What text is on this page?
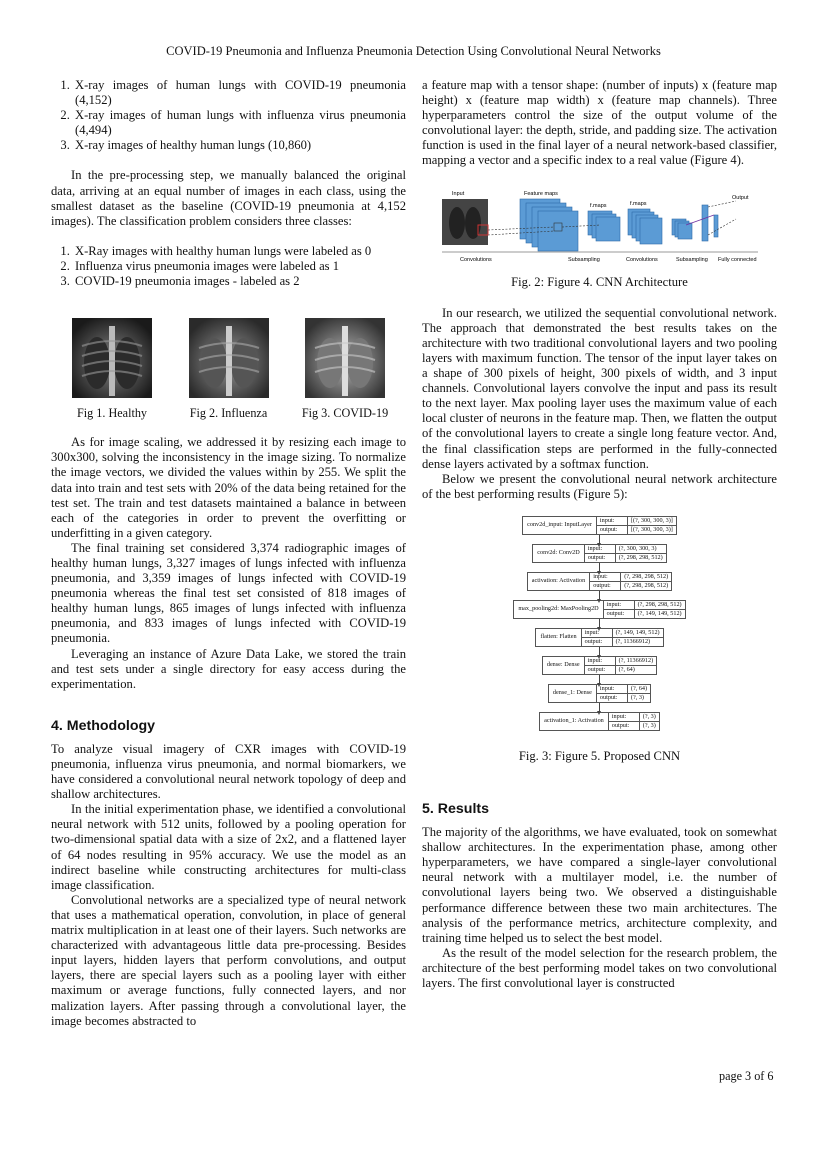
COVID-19 Pneumonia and Influenza Pneumonia Detection Using Convolutional Neural Networks
1. X-ray images of human lungs with COVID-19 pneumonia (4,152)
2. X-ray images of human lungs with influenza virus pneumonia (4,494)
3. X-ray images of healthy human lungs (10,860)

In the pre-processing step, we manually balanced the original data, arriving at an equal number of images in each class, using the smallest dataset as the baseline (COVID-19 pneumonia at 4,152 images). The classification problem considers three classes:

1. X-Ray images with healthy human lungs were labeled as 0
2. Influenza virus pneumonia images were labeled as 1
3. COVID-19 pneumonia images - labeled as 2
Fig 1. Healthy	Fig 2. Influenza	Fig 3. COVID-19

As for image scaling, we addressed it by resizing each image to 300x300, solving the inconsistency in the image sizing. To normalize the image vectors, we divided the values within by 255. We split the data into train and test sets with 20% of the data being retained for the test set. The train and test datasets maintained a balance in between each of the categories in order to prevent the overfitting or underfitting in a given category.

The final training set considered 3,374 radiographic images of healthy human lungs, 3,327 images of lungs infected with influenza pneumonia, and 3,359 images of lungs infected with COVID-19 pneumonia whereas the final test set consisted of 818 images of healthy human lungs, 865 images of lungs infected with influenza pneumonia, and 833 images of lungs infected with COVID-19 pneumonia.

Leveraging an instance of Azure Data Lake, we stored the train and test sets under a single directory for easy access during the experimentation.

4. Methodology

To analyze visual imagery of CXR images with COVID-19 pneumonia, influenza virus pneumonia, and normal biomarkers, we have considered a convolutional neural network topology of deep and shallow architectures.

In the initial experimentation phase, we identified a convolutional neural network with 512 units, followed by a pooling operation for two-dimensional spatial data with a size of 2x2, and a flattened layer of 64 nodes resulting in 95% accuracy. We use the model as an indirect baseline while constructing architectures for multi-class image classification.

Convolutional networks are a specialized type of neural network that uses a mathematical operation, convolution, in place of general matrix multiplication in at least one of their layers. Such networks are characterized with advantageous little data pre-processing. Besides input layers, hidden layers that perform convolutions, and output layers, there are special layers such as a pooling layer with either maximum or average functions, fully connected layers, and nor malization layers. After passing through a convolutional layer, the image becomes abstracted to

a feature map with a tensor shape: (number of inputs) x (feature map height) x (feature map width) x (feature map channels). Three hyperparameters control the size of the output volume of the convolutional layer: the depth, stride, and padding size. The activation function is used in the final layer of a neural network-based classifier, mapping a vector and a specific index to a real value (Figure 4).

Input	Feature maps
f.maps	f.maps
Output
Convolutions	Subsampling	Convolutions	Subsampling Fully connected
Fig. 2: Figure 4. CNN Architecture

In our research, we utilized the sequential convolutional network. The approach that demonstrated the best results takes on the architecture with two traditional convolutional layers and two pooling layers with maximum function. The tensor of the input layer takes on a shape of 300 pixels of height, 300 pixels of width, and 3 input channels. Convolutional layers convolve the input and pass its result to the next layer. Max pooling layer uses the maximum value of each local cluster of neurons in the feature map. Then, we flatten the output of the convolutional layers to create a single long feature vector. And, the final classification steps are performed in the fully-connected dense layers activated by a softmax function.

Below we present the convolutional neural network architecture of the best performing results (Figure 5):

conv2d_input: InputLayer
input:	[(?, 300, 300, 3)]
output:	[(?, 300, 300, 3)]
conv2d: Conv2D
input:	(?, 300, 300, 3)
output:	(?, 298, 298, 512)
activation: Activation
input:	(?, 298, 298, 512)
output:	(?, 298, 298, 512)
max_pooling2d: MaxPooling2D
input:	(?, 298, 298, 512)
output:	(?, 149, 149, 512)
flatten: Flatten
input:	(?, 149, 149, 512)
output:	(?, 11366912)
dense: Dense
input:	(?, 11366912)
output:	(?, 64)
dense_1: Dense
input:	(?, 64)
output:	(?, 3)
activation_1: Activation
input:	(?, 3)
output:	(?, 3)
Fig. 3: Figure 5. Proposed CNN
5. Results

The majority of the algorithms, we have evaluated, took on somewhat shallow architectures. In the experimentation phase, among other hyperparameters, we have compared a single-layer convolutional neural network with a multilayer model, i.e. the number of convolutional layers being two. We observed a distinguishable performance difference between these two main architectures. The analysis of the performance metrics, architecture complexity, and training time helped us to select the best model.

As the result of the model selection for the research problem, the architecture of the best performing model takes on two convolutional layers. The first convolutional layer is constructed

page 3 of 6
